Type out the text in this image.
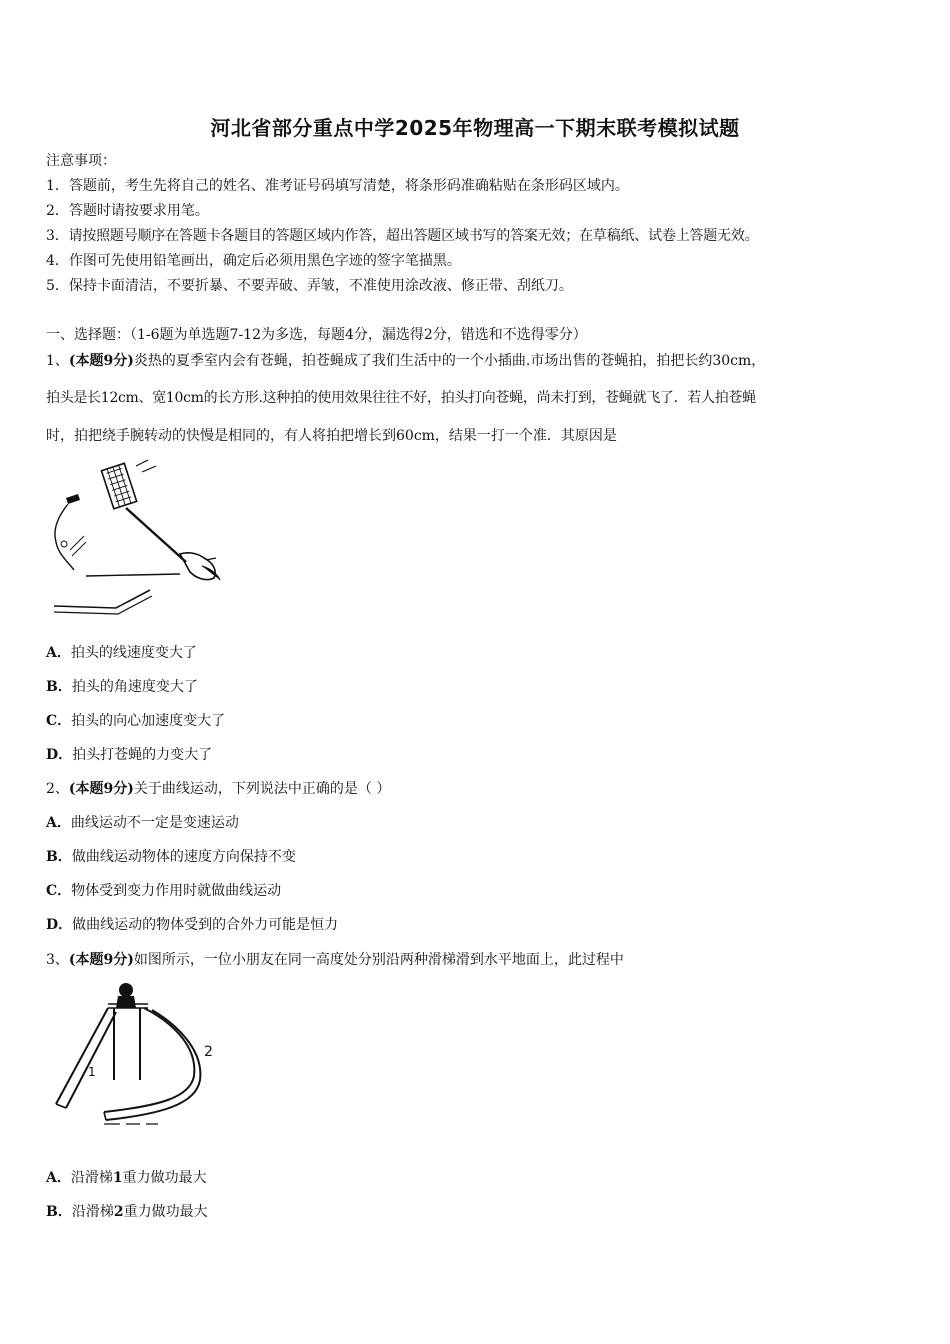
河北省部分重点中学2025年物理高一下期末联考模拟试题
注意事项：
1．答题前，考生先将自己的姓名、准考证号码填写清楚，将条形码准确粘贴在条形码区域内。
2．答题时请按要求用笔。
3．请按照题号顺序在答题卡各题目的答题区域内作答，超出答题区域书写的答案无效；在草稿纸、试卷上答题无效。
4．作图可先使用铅笔画出，确定后必须用黑色字迹的签字笔描黑。
5．保持卡面清洁，不要折暴、不要弄破、弄皱，不准使用涂改液、修正带、刮纸刀。
一、选择题：（1-6题为单选题7-12为多选，每题4分，漏选得2分，错选和不选得零分）
1、(本题9分)炎热的夏季室内会有苍蝇，拍苍蝇成了我们生活中的一个小插曲.市场出售的苍蝇拍，拍把长约30cm，
拍头是长12cm、宽10cm的长方形.这种拍的使用效果往往不好，拍头打向苍蝇，尚未打到，苍蝇就飞了．若人拍苍蝇
时，拍把绕手腕转动的快慢是相同的，有人将拍把增长到60cm，结果一打一个准．其原因是
A．拍头的线速度变大了
B．拍头的角速度变大了
C．拍头的向心加速度变大了
D．拍头打苍蝇的力变大了
2、(本题9分)关于曲线运动，下列说法中正确的是（ ）
A．曲线运动不一定是变速运动
B．做曲线运动物体的速度方向保持不变
C．物体受到变力作用时就做曲线运动
D．做曲线运动的物体受到的合外力可能是恒力
3、(本题9分)如图所示，一位小朋友在同一高度处分别沿两种滑梯滑到水平地面上，此过程中
1
2
A．沿滑梯1重力做功最大
B．沿滑梯2重力做功最大
